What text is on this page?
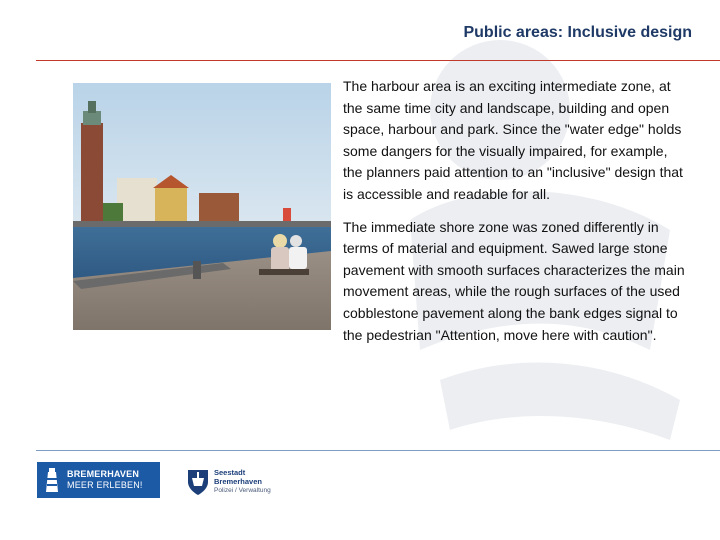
Public areas: Inclusive design

The harbour area is an exciting intermediate zone, at the same time city and landscape, building and open space, harbour and park. Since the "water edge" holds some dangers for the visually impaired, for example, the planners paid attention to an "inclusive" design that is accessible and readable for all.

The immediate shore zone was zoned differently in terms of material and equipment. Sawed large stone pavement with smooth surfaces characterizes the main movement areas, while the rough surfaces of the used cobblestone pavement along the bank edges signal to the pedestrian "Attention, move here with caution".

BREMERHAVEN
MEER ERLEBEN!
Seestadt
Bremerhaven
Polizei / Verwaltung
